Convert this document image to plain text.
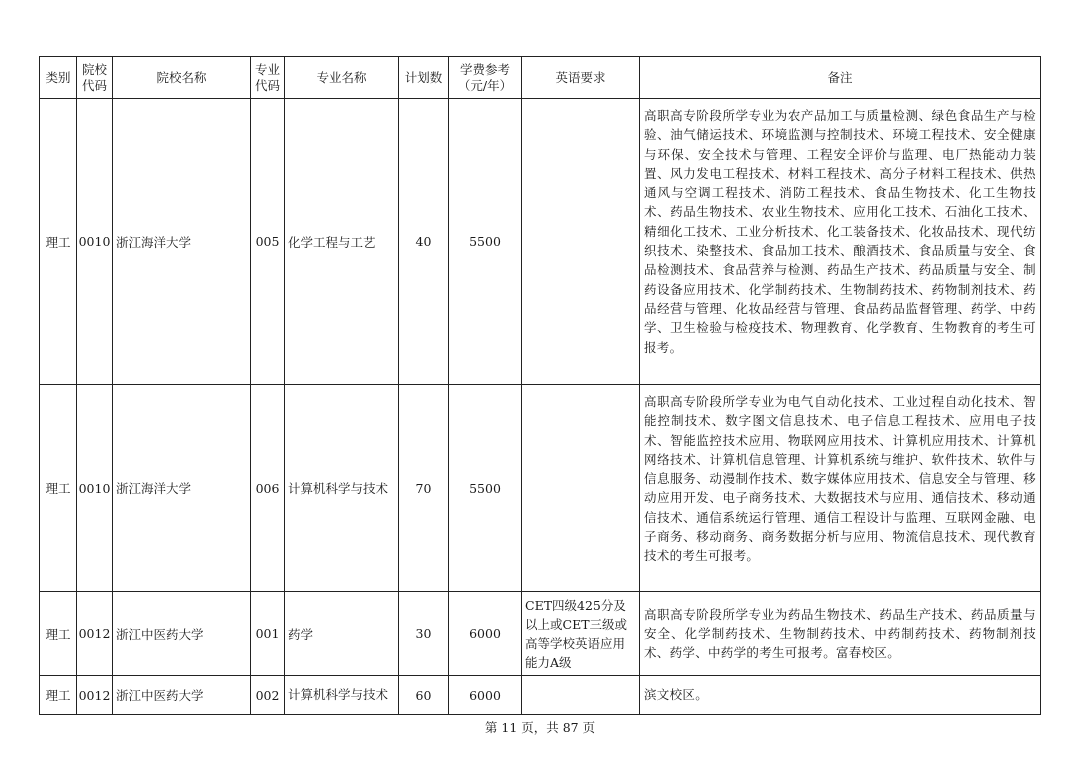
类别	院校代码	院校名称	专业代码	专业名称	计划数	学费参考（元/年）	英语要求	备注
理工	0010	浙江海洋大学	005	化学工程与工艺	40	5500		高职高专阶段所学专业为农产品加工与质量检测、绿色食品生产与检验、油气储运技术、环境监测与控制技术、环境工程技术、安全健康与环保、安全技术与管理、工程安全评价与监理、电厂热能动力装置、风力发电工程技术、材料工程技术、高分子材料工程技术、供热通风与空调工程技术、消防工程技术、食品生物技术、化工生物技术、药品生物技术、农业生物技术、应用化工技术、石油化工技术、精细化工技术、工业分析技术、化工装备技术、化妆品技术、现代纺织技术、染整技术、食品加工技术、酿酒技术、食品质量与安全、食品检测技术、食品营养与检测、药品生产技术、药品质量与安全、制药设备应用技术、化学制药技术、生物制药技术、药物制剂技术、药品经营与管理、化妆品经营与管理、食品药品监督管理、药学、中药学、卫生检验与检疫技术、物理教育、化学教育、生物教育的考生可报考。
理工	0010	浙江海洋大学	006	计算机科学与技术	70	5500		高职高专阶段所学专业为电气自动化技术、工业过程自动化技术、智能控制技术、数字图文信息技术、电子信息工程技术、应用电子技术、智能监控技术应用、物联网应用技术、计算机应用技术、计算机网络技术、计算机信息管理、计算机系统与维护、软件技术、软件与信息服务、动漫制作技术、数字媒体应用技术、信息安全与管理、移动应用开发、电子商务技术、大数据技术与应用、通信技术、移动通信技术、通信系统运行管理、通信工程设计与监理、互联网金融、电子商务、移动商务、商务数据分析与应用、物流信息技术、现代教育技术的考生可报考。
理工	0012	浙江中医药大学	001	药学	30	6000	CET四级425分及以上或CET三级或高等学校英语应用能力A级	高职高专阶段所学专业为药品生物技术、药品生产技术、药品质量与安全、化学制药技术、生物制药技术、中药制药技术、药物制剂技术、药学、中药学的考生可报考。富春校区。
理工	0012	浙江中医药大学	002	计算机科学与技术	60	6000		滨文校区。
第 11 页，共 87 页
